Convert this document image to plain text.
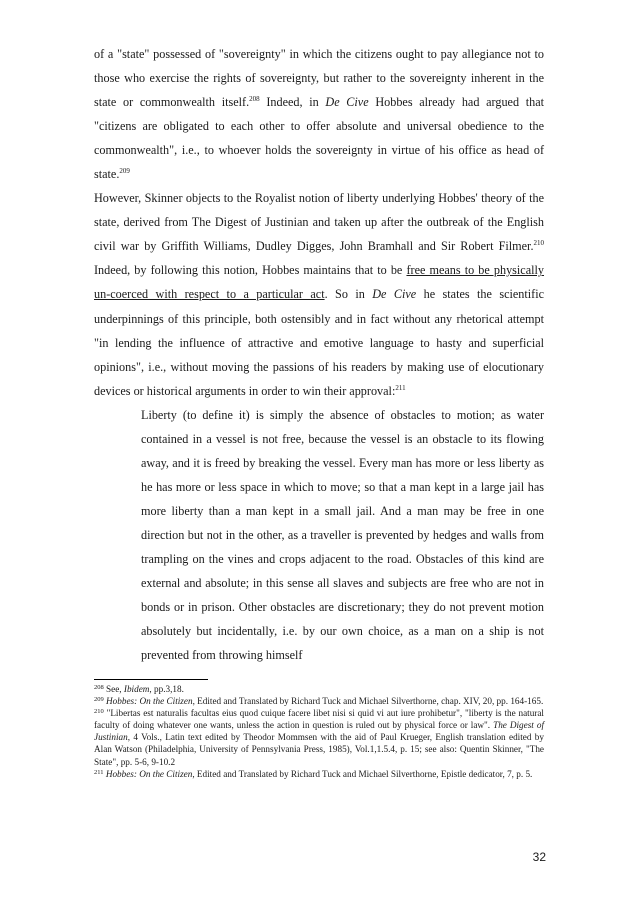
of a "state" possessed of "sovereignty" in which the citizens ought to pay allegiance not to those who exercise the rights of sovereignty, but rather to the sovereignty inherent in the state or commonwealth itself.$^{208}$ Indeed, in De Cive Hobbes already had argued that "citizens are obligated to each other to offer absolute and universal obedience to the commonwealth", i.e., to whoever holds the sovereignty in virtue of his office as head of state.$^{209}$

However, Skinner objects to the Royalist notion of liberty underlying Hobbes' theory of the state, derived from The Digest of Justinian and taken up after the outbreak of the English civil war by Griffith Williams, Dudley Digges, John Bramhall and Sir Robert Filmer.$^{210}$ Indeed, by following this notion, Hobbes maintains that to be free means to be physically un-coerced with respect to a particular act. So in De Cive he states the scientific underpinnings of this principle, both ostensibly and in fact without any rhetorical attempt "in lending the influence of attractive and emotive language to hasty and superficial opinions", i.e., without moving the passions of his readers by making use of elocutionary devices or historical arguments in order to win their approval:$^{211}$

Liberty (to define it) is simply the absence of obstacles to motion; as water contained in a vessel is not free, because the vessel is an obstacle to its flowing away, and it is freed by breaking the vessel. Every man has more or less liberty as he has more or less space in which to move; so that a man kept in a large jail has more liberty than a man kept in a small jail. And a man may be free in one direction but not in the other, as a traveller is prevented by hedges and walls from trampling on the vines and crops adjacent to the road. Obstacles of this kind are external and absolute; in this sense all slaves and subjects are free who are not in bonds or in prison. Other obstacles are discretionary; they do not prevent motion absolutely but incidentally, i.e. by our own choice, as a man on a ship is not prevented from throwing himself

$^{208}$ See, Ibidem, pp.3,18.

$^{209}$ Hobbes: On the Citizen, Edited and Translated by Richard Tuck and Michael Silverthorne, chap. XIV, 20, pp. 164-165.

$^{210}$ "Libertas est naturalis facultas eius quod cuique facere libet nisi si quid vi aut iure prohibetur", "liberty is the natural faculty of doing whatever one wants, unless the action in question is ruled out by physical force or law". The Digest of Justinian, 4 Vols., Latin text edited by Theodor Mommsen with the aid of Paul Krueger, English translation edited by Alan Watson (Philadelphia, University of Pennsylvania Press, 1985), Vol.1,1.5.4, p. 15; see also: Quentin Skinner, "The State", pp. 5-6, 9-10.2

$^{211}$ Hobbes: On the Citizen, Edited and Translated by Richard Tuck and Michael Silverthorne, Epistle dedicator, 7, p. 5.

32
